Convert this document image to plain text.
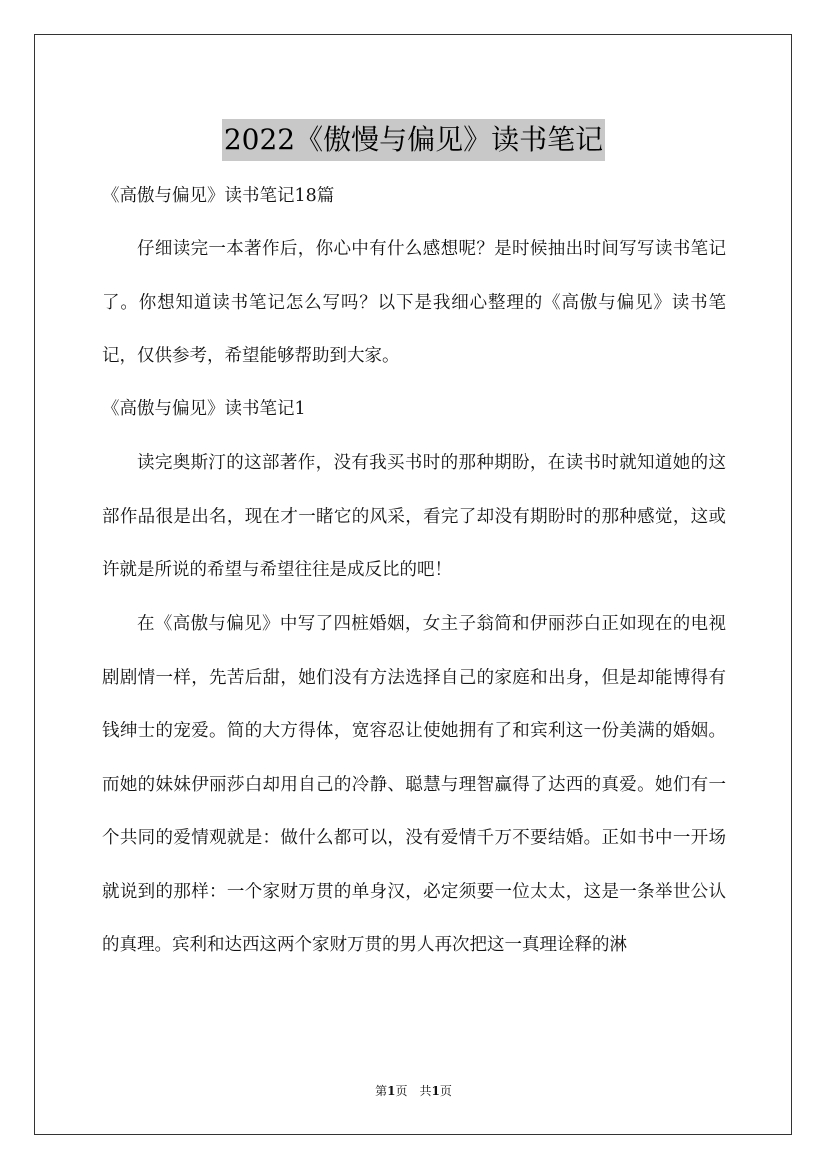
2022《傲慢与偏见》读书笔记

《高傲与偏见》读书笔记18篇

仔细读完一本著作后，你心中有什么感想呢？是时候抽出时间写写读书笔记了。你想知道读书笔记怎么写吗？以下是我细心整理的《高傲与偏见》读书笔记，仅供参考，希望能够帮助到大家。

《高傲与偏见》读书笔记1

读完奥斯汀的这部著作，没有我买书时的那种期盼，在读书时就知道她的这部作品很是出名，现在才一睹它的风采，看完了却没有期盼时的那种感觉，这或许就是所说的希望与希望往往是成反比的吧！

在《高傲与偏见》中写了四桩婚姻，女主子翁简和伊丽莎白正如现在的电视剧剧情一样，先苦后甜，她们没有方法选择自己的家庭和出身，但是却能博得有钱绅士的宠爱。简的大方得体，宽容忍让使她拥有了和宾利这一份美满的婚姻。而她的妹妹伊丽莎白却用自己的冷静、聪慧与理智赢得了达西的真爱。她们有一个共同的爱情观就是：做什么都可以，没有爱情千万不要结婚。正如书中一开场就说到的那样：一个家财万贯的单身汉，必定须要一位太太，这是一条举世公认的真理。宾利和达西这两个家财万贯的男人再次把这一真理诠释的淋

第1页　共1页
